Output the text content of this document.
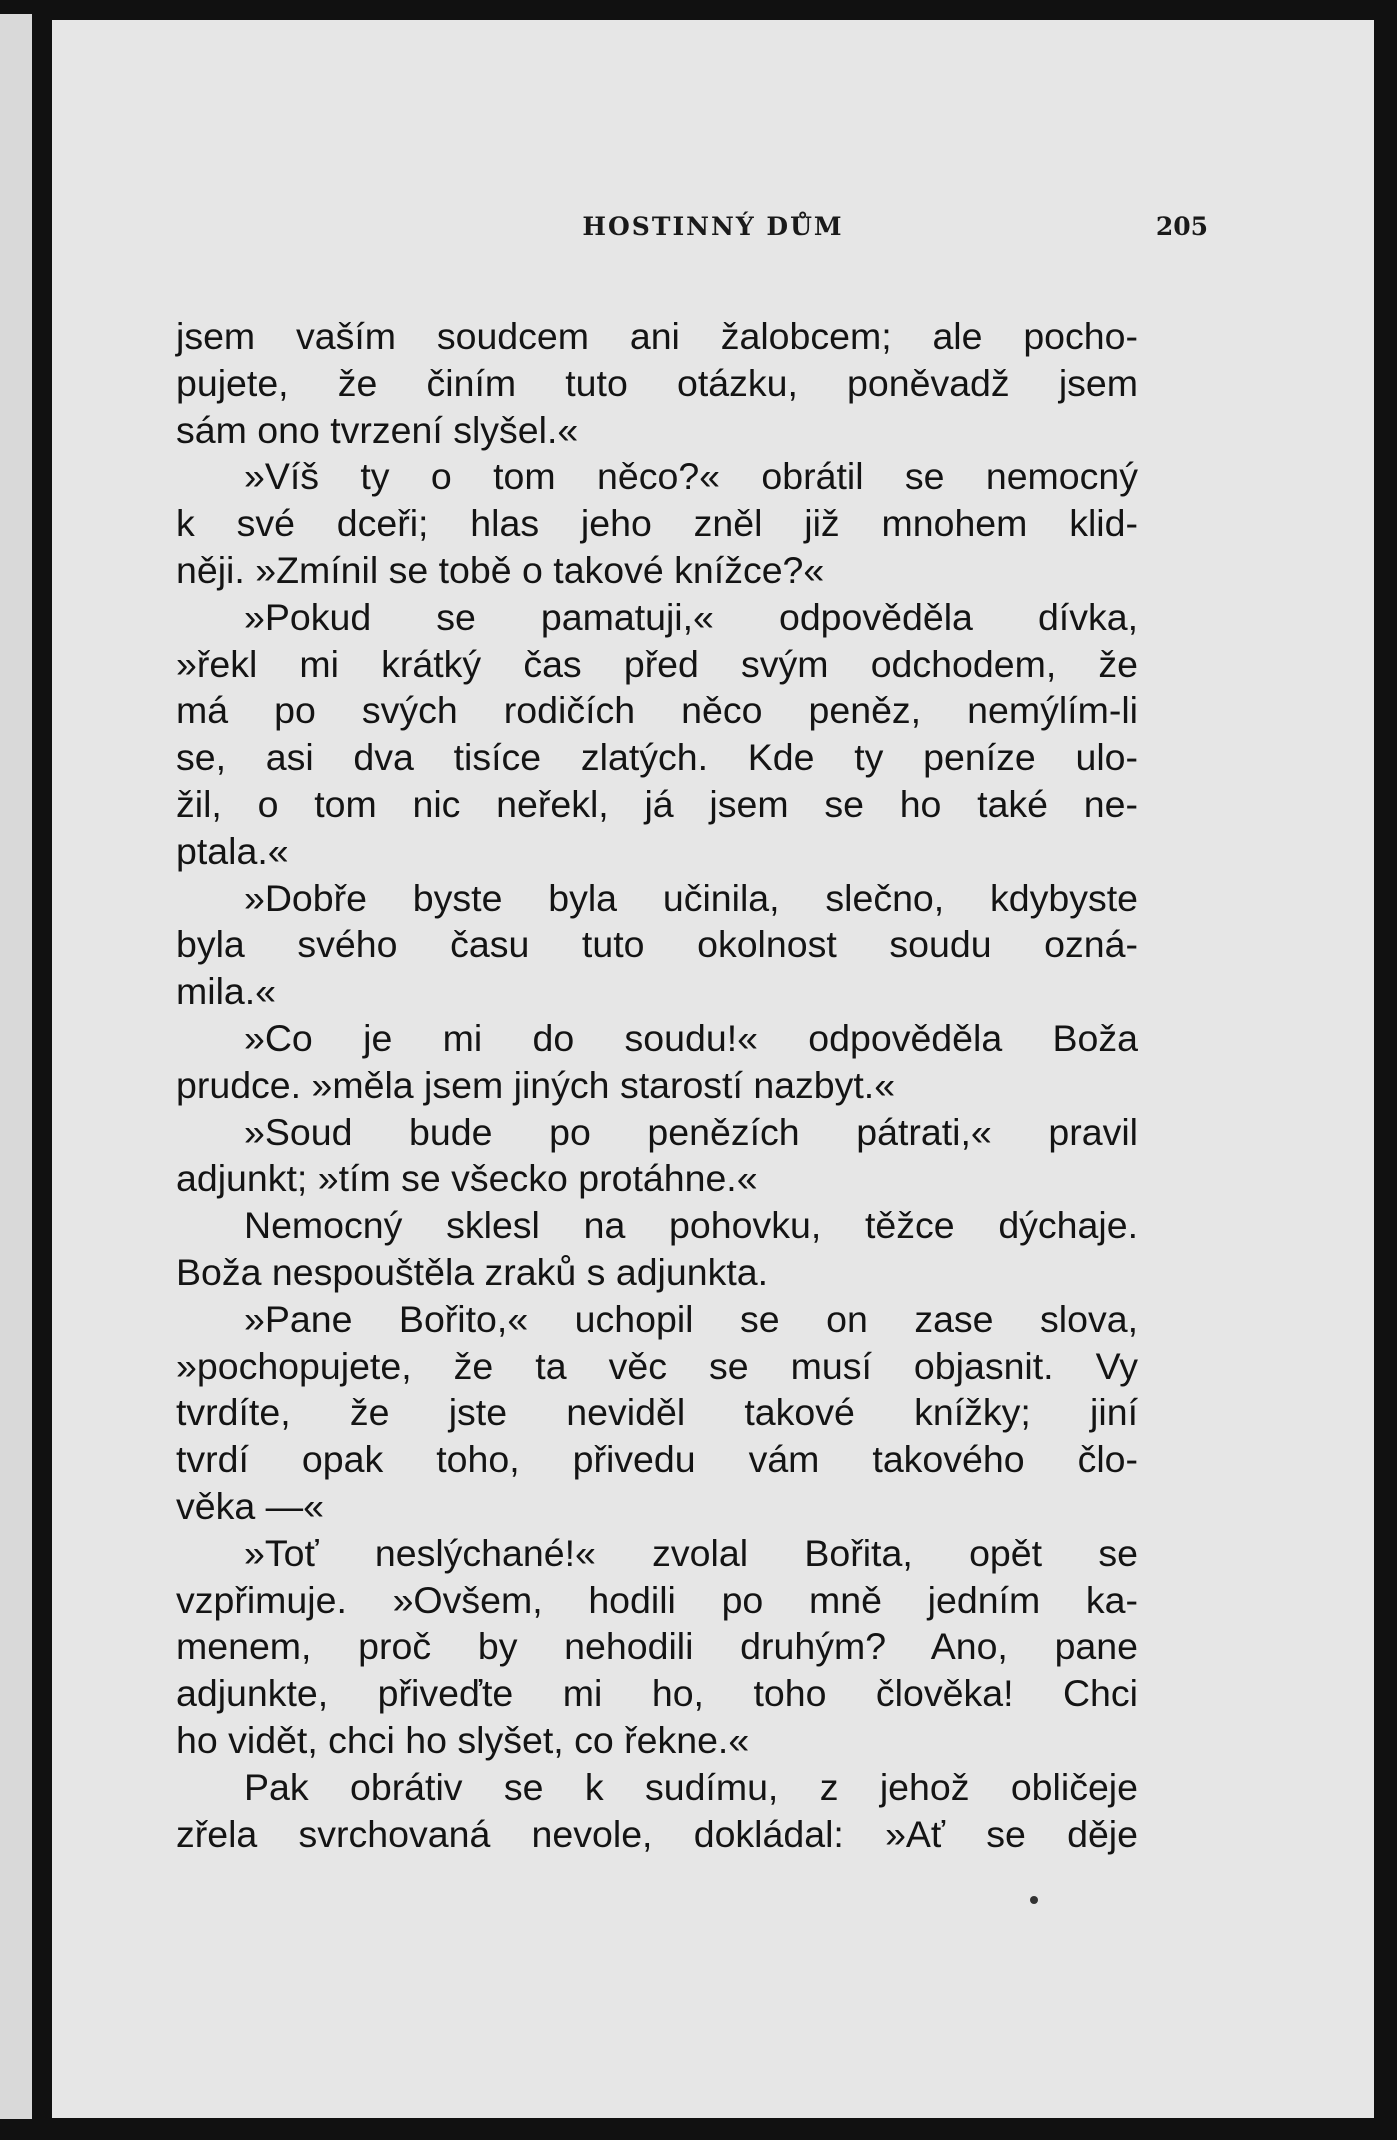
HOSTINNÝ DŮM	205
jsem vaším soudcem ani žalobcem; ale pocho-
pujete, že činím tuto otázku, poněvadž jsem
sám ono tvrzení slyšel.«
»Víš ty o tom něco?« obrátil se nemocný
k své dceři; hlas jeho zněl již mnohem klid-
něji. »Zmínil se tobě o takové knížce?«
»Pokud se pamatuji,« odpověděla dívka,
»řekl mi krátký čas před svým odchodem, že
má po svých rodičích něco peněz, nemýlím-li
se, asi dva tisíce zlatých. Kde ty peníze ulo-
žil, o tom nic neřekl, já jsem se ho také ne-
ptala.«
»Dobře byste byla učinila, slečno, kdybyste
byla svého času tuto okolnost soudu ozná-
mila.«
»Co je mi do soudu!« odpověděla Boža
prudce. »měla jsem jiných starostí nazbyt.«
»Soud bude po penězích pátrati,« pravil
adjunkt; »tím se všecko protáhne.«
Nemocný sklesl na pohovku, těžce dýchaje.
Boža nespouštěla zraků s adjunkta.
»Pane Bořito,« uchopil se on zase slova,
»pochopujete, že ta věc se musí objasnit. Vy
tvrdíte, že jste neviděl takové knížky; jiní
tvrdí opak toho, přivedu vám takového člo-
věka —«
»Toť neslýchané!« zvolal Bořita, opět se
vzpřimuje. »Ovšem, hodili po mně jedním ka-
menem, proč by nehodili druhým? Ano, pane
adjunkte, přiveďte mi ho, toho člověka! Chci
ho vidět, chci ho slyšet, co řekne.«
Pak obrátiv se k sudímu, z jehož obličeje
zřela svrchovaná nevole, dokládal: »Ať se děje
